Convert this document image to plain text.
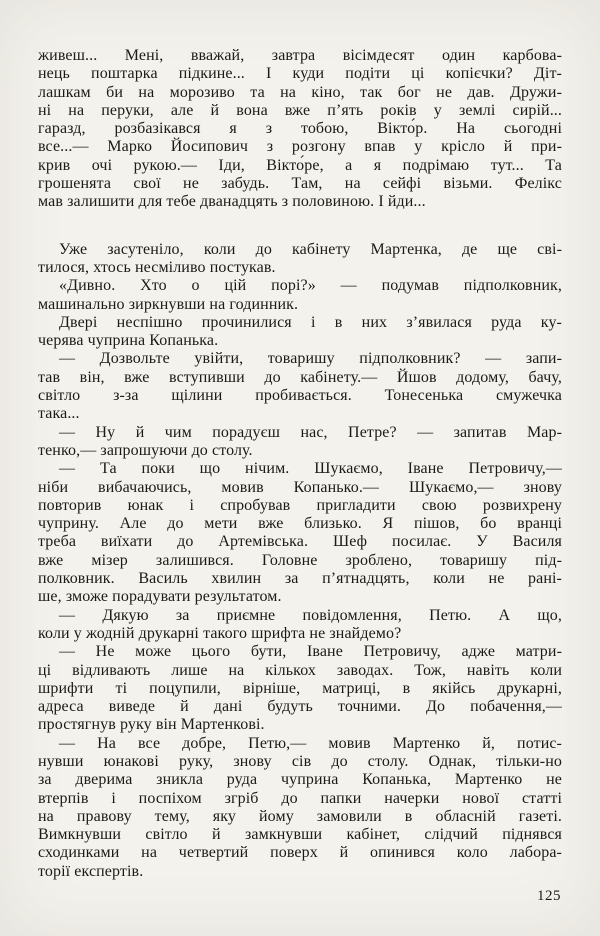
живеш... Мені, вважай, завтра вісімдесят один карбова-
нець поштарка підкине... І куди подіти ці копієчки? Діт-
лашкам би на морозиво та на кіно, так бог не дав. Дружи-
ні на перуки, але й вона вже п’ять років у землі сирій...
гаразд, розбазікався я з тобою, Вікто́р. На сьогодні
все...— Марко Йосипович з розгону впав у крісло й при-
крив очі рукою.— Іди, Вікто́ре, а я подрімаю тут... Та
грошенята свої не забудь. Там, на сейфі візьми. Фелікс
мав залишити для тебе дванадцять з половиною. І йди...
Уже засутеніло, коли до кабінету Мартенка, де ще сві-
тилося, хтось несміливо постукав.
«Дивно. Хто о цій порі?» — подумав підполковник,
машинально зиркнувши на годинник.
Двері неспішно прочинилися і в них з’явилася руда ку-
черява чуприна Копанька.
— Дозвольте увійти, товаришу підполковник? — запи-
тав він, вже вступивши до кабінету.— Йшов додому, бачу,
світло з-за щілини пробивається. Тонесенька смужечка
така...
— Ну й чим порадуєш нас, Петре? — запитав Мар-
тенко,— запрошуючи до столу.
— Та поки що нічим. Шукаємо, Іване Петровичу,—
ніби вибачаючись, мовив Копанько.— Шукаємо,— знову
повторив юнак і спробував пригладити свою розвихрену
чуприну. Але до мети вже близько. Я пішов, бо вранці
треба виїхати до Артемівська. Шеф посилає. У Василя
вже мізер залишився. Головне зроблено, товаришу під-
полковник. Василь хвилин за п’ятнадцять, коли не рані-
ше, зможе порадувати результатом.
— Дякую за приємне повідомлення, Петю. А що,
коли у жодній друкарні такого шрифта не знайдемо?
— Не може цього бути, Іване Петровичу, адже матри-
ці відливають лише на кількох заводах. Тож, навіть коли
шрифти ті поцупили, вірніше, матриці, в якійсь друкарні,
адреса виведе й дані будуть точними. До побачення,—
простягнув руку він Мартенкові.
— На все добре, Петю,— мовив Мартенко й, потис-
нувши юнакові руку, знову сів до столу. Однак, тільки-но
за дверима зникла руда чуприна Копанька, Мартенко не
втерпів і поспіхом згріб до папки начерки нової статті
на правову тему, яку йому замовили в обласній газеті.
Вимкнувши світло й замкнувши кабінет, слідчий піднявся
сходинками на четвертий поверх й опинився коло лабора-
торії експертів.
125
